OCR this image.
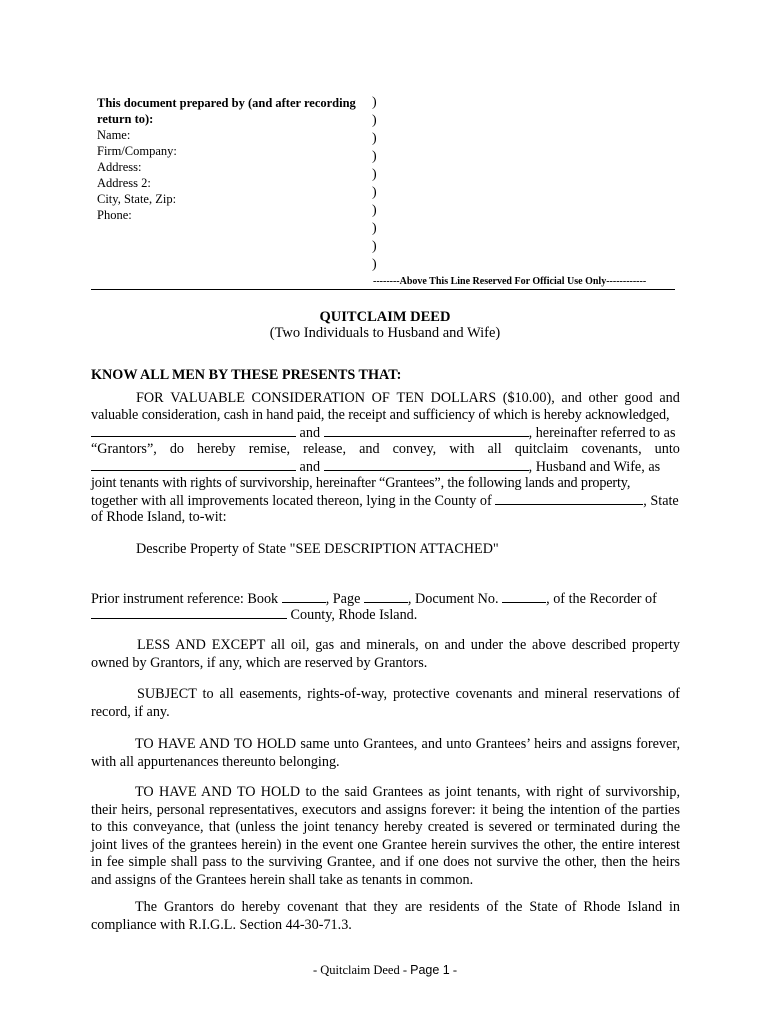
This document prepared by (and after recording
return to):
Name:
Firm/Company:
Address:
Address 2:
City, State, Zip:
Phone:
)
)
)
)
)
)
)
)
)
)
--------Above This Line Reserved For Official Use Only------------
QUITCLAIM DEED
(Two Individuals to Husband and Wife)
KNOW ALL MEN BY THESE PRESENTS THAT:
FOR VALUABLE CONSIDERATION OF TEN DOLLARS ($10.00), and other good and
valuable consideration, cash in hand paid, the receipt and sufficiency of which is hereby acknowledged,
and	, hereinafter referred to as
“Grantors”, do hereby remise, release, and convey, with all quitclaim covenants, unto
and	, Husband and Wife, as
joint tenants with rights of survivorship, hereinafter “Grantees”, the following lands and property,
together with all improvements located thereon, lying in the County of	, State
of Rhode Island, to-wit:
Describe Property of State "SEE DESCRIPTION ATTACHED"
Prior instrument reference: Book	, Page	, Document No.	, of the Recorder of
County, Rhode Island.
LESS AND EXCEPT all oil, gas and minerals, on and under the above described property owned by Grantors, if any, which are reserved by Grantors.
SUBJECT to all easements, rights-of-way, protective covenants and mineral reservations of record, if any.
TO HAVE AND TO HOLD same unto Grantees, and unto Grantees’ heirs and assigns forever, with all appurtenances thereunto belonging.
TO HAVE AND TO HOLD to the said Grantees as joint tenants, with right of survivorship, their heirs, personal representatives, executors and assigns forever: it being the intention of the parties to this conveyance, that (unless the joint tenancy hereby created is severed or terminated during the joint lives of the grantees herein) in the event one Grantee herein survives the other, the entire interest in fee simple shall pass to the surviving Grantee, and if one does not survive the other, then the heirs and assigns of the Grantees herein shall take as tenants in common.
The Grantors do hereby covenant that they are residents of the State of Rhode Island in compliance with R.I.G.L. Section 44-30-71.3.
- Quitclaim Deed - Page 1 -
